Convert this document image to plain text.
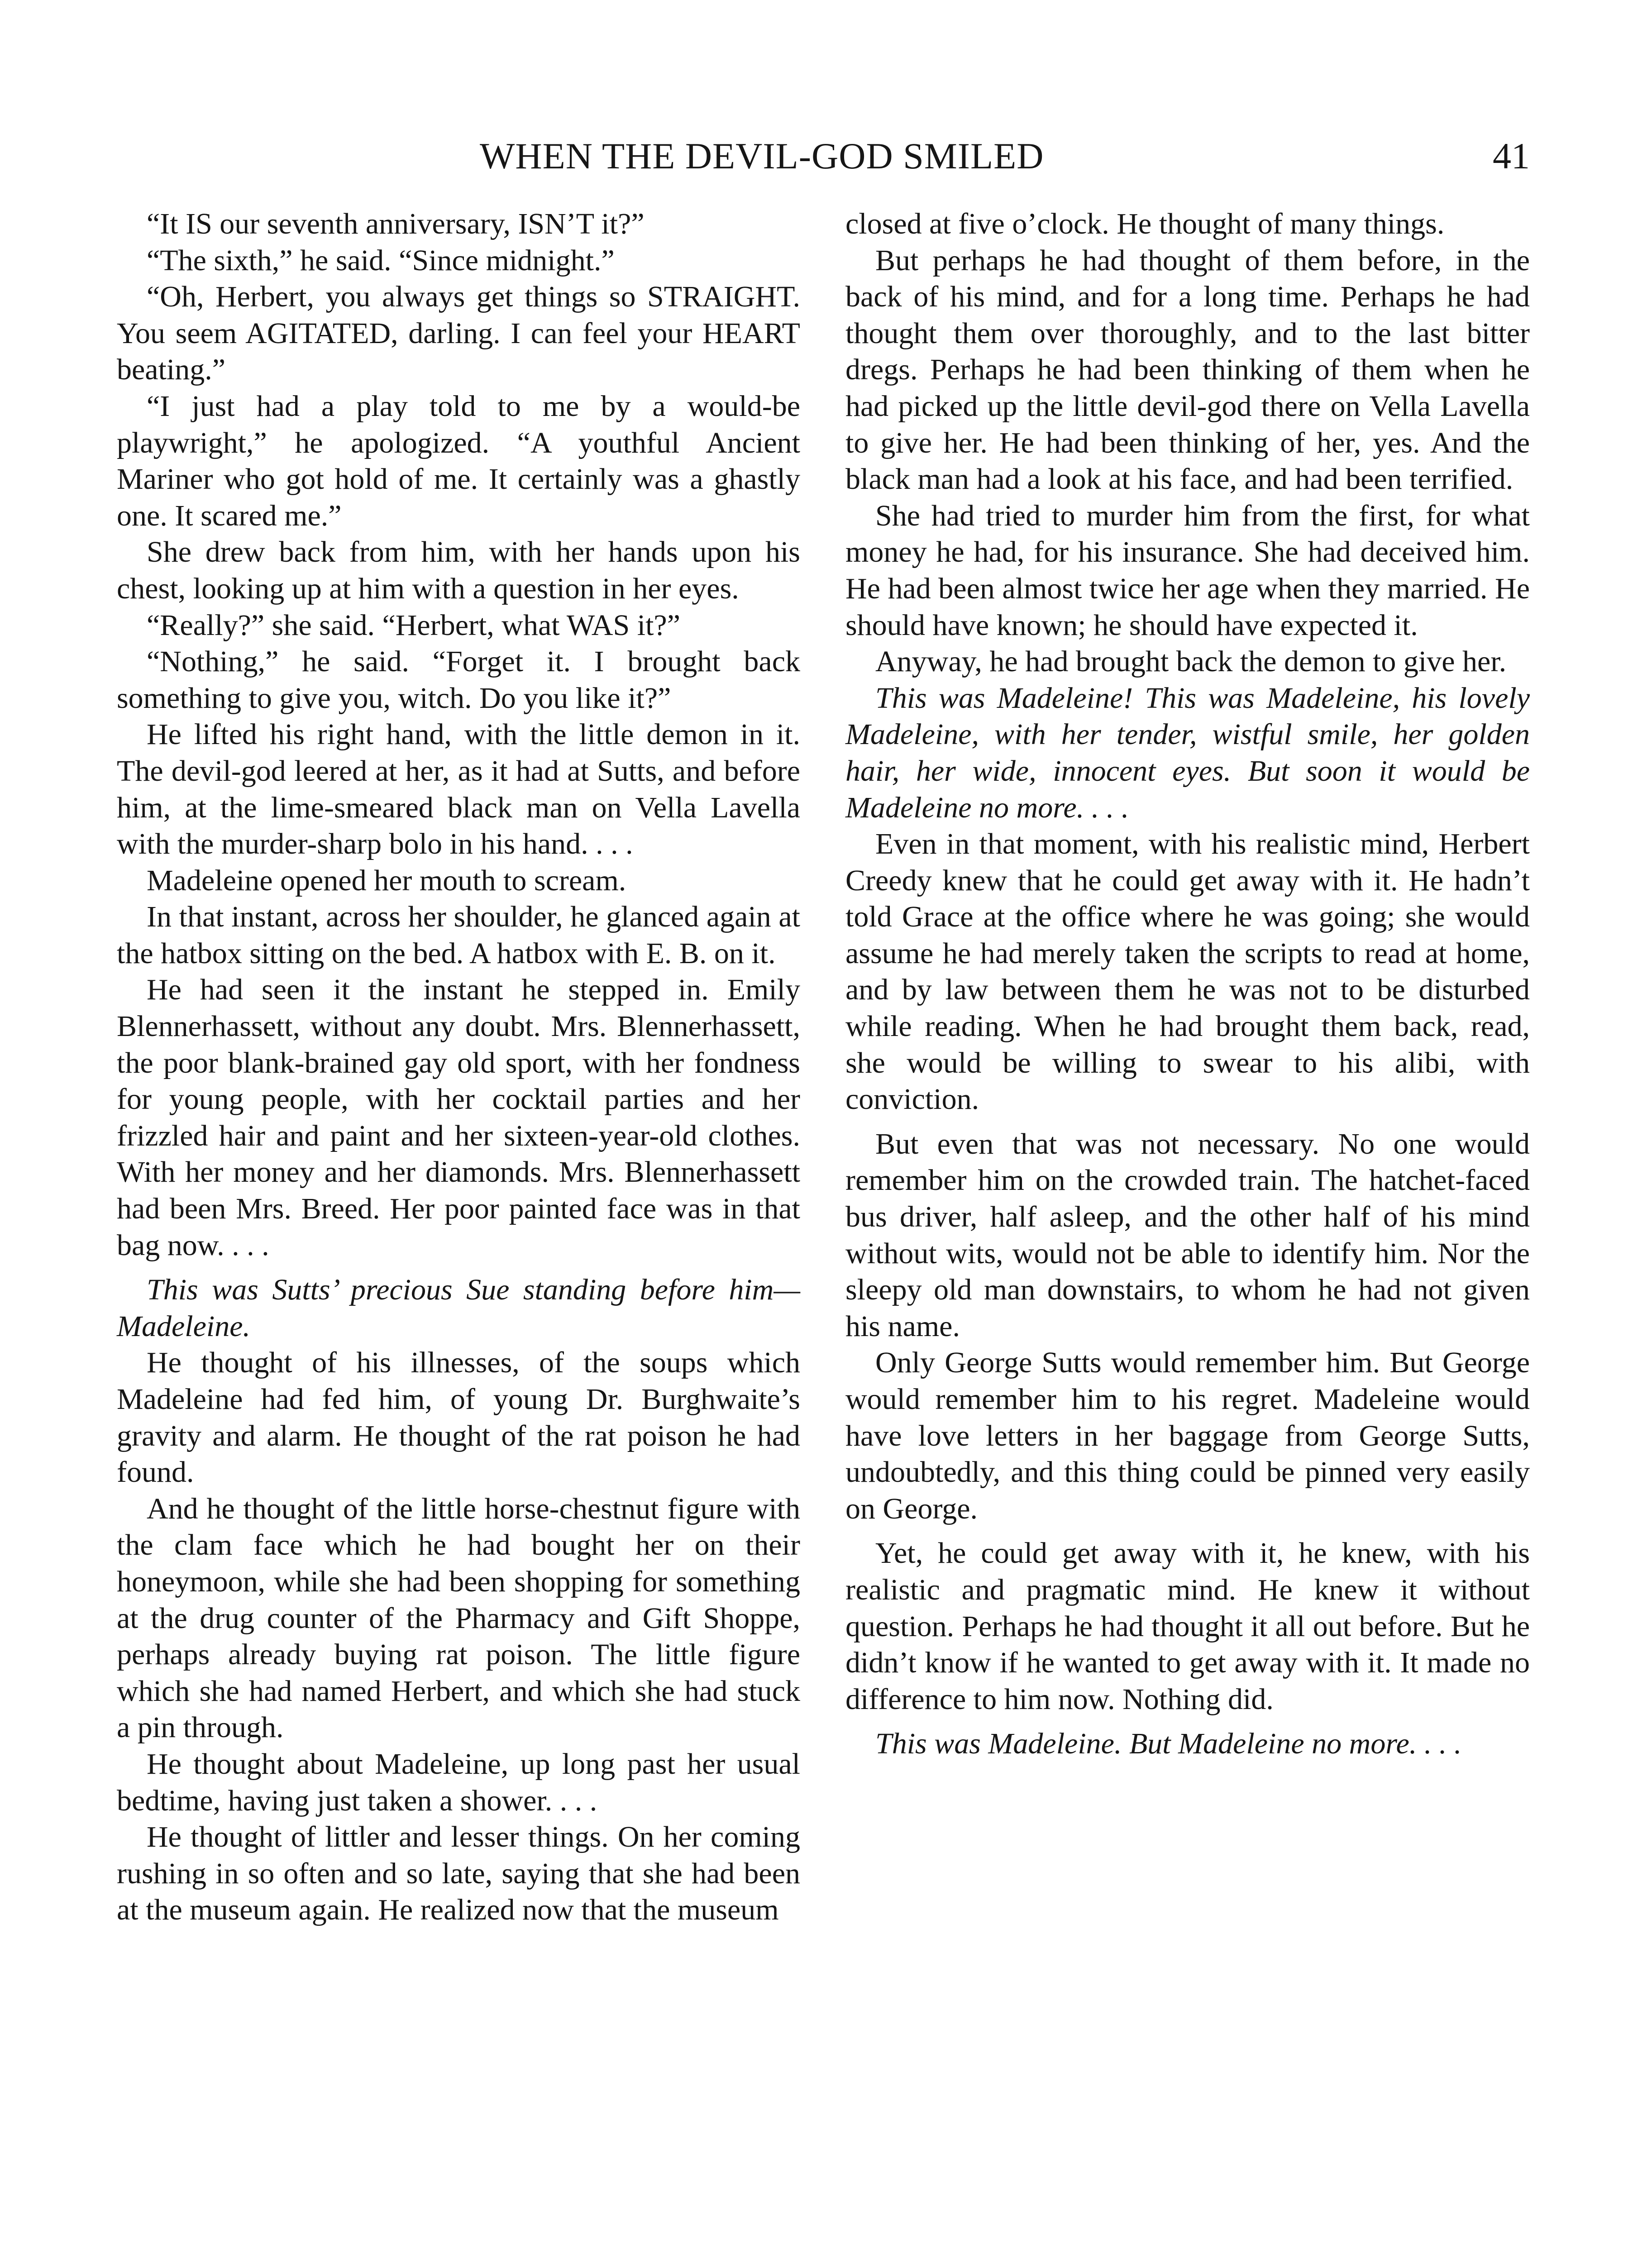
WHEN THE DEVIL-GOD SMILED	41

“It IS our seventh anniversary, ISN’T it?”

“The sixth,” he said. “Since midnight.”

“Oh, Herbert, you always get things so STRAIGHT. You seem AGITATED, darling. I can feel your HEART beating.”

“I just had a play told to me by a would-be playwright,” he apologized. “A youthful Ancient Mariner who got hold of me. It certainly was a ghastly one. It scared me.”

She drew back from him, with her hands upon his chest, looking up at him with a question in her eyes.

“Really?” she said. “Herbert, what WAS it?”

“Nothing,” he said. “Forget it. I brought back something to give you, witch. Do you like it?”

He lifted his right hand, with the little demon in it. The devil-god leered at her, as it had at Sutts, and before him, at the lime-smeared black man on Vella Lavella with the murder-sharp bolo in his hand. . . .

Madeleine opened her mouth to scream.

In that instant, across her shoulder, he glanced again at the hatbox sitting on the bed. A hatbox with E. B. on it.

He had seen it the instant he stepped in. Emily Blennerhassett, without any doubt. Mrs. Blennerhassett, the poor blank-brained gay old sport, with her fondness for young people, with her cocktail parties and her frizzled hair and paint and her sixteen-year-old clothes. With her money and her diamonds. Mrs. Blennerhassett had been Mrs. Breed. Her poor painted face was in that bag now. . . .

This was Sutts’ precious Sue standing before him—Madeleine.

He thought of his illnesses, of the soups which Madeleine had fed him, of young Dr. Burghwaite’s gravity and alarm. He thought of the rat poison he had found.

And he thought of the little horse-chestnut figure with the clam face which he had bought her on their honeymoon, while she had been shopping for something at the drug counter of the Pharmacy and Gift Shoppe, perhaps already buying rat poison. The little figure which she had named Herbert, and which she had stuck a pin through.

He thought about Madeleine, up long past her usual bedtime, having just taken a shower. . . .

He thought of littler and lesser things. On her coming rushing in so often and so late, saying that she had been at the museum again. He realized now that the museum

closed at five o’clock. He thought of many things.

But perhaps he had thought of them before, in the back of his mind, and for a long time. Perhaps he had thought them over thoroughly, and to the last bitter dregs. Perhaps he had been thinking of them when he had picked up the little devil-god there on Vella Lavella to give her. He had been thinking of her, yes. And the black man had a look at his face, and had been terrified.

She had tried to murder him from the first, for what money he had, for his insurance. She had deceived him. He had been almost twice her age when they married. He should have known; he should have expected it.

Anyway, he had brought back the demon to give her.

This was Madeleine! This was Madeleine, his lovely Madeleine, with her tender, wistful smile, her golden hair, her wide, innocent eyes. But soon it would be Madeleine no more. . . .

Even in that moment, with his realistic mind, Herbert Creedy knew that he could get away with it. He hadn’t told Grace at the office where he was going; she would assume he had merely taken the scripts to read at home, and by law between them he was not to be disturbed while reading. When he had brought them back, read, she would be willing to swear to his alibi, with conviction.

But even that was not necessary. No one would remember him on the crowded train. The hatchet-faced bus driver, half asleep, and the other half of his mind without wits, would not be able to identify him. Nor the sleepy old man downstairs, to whom he had not given his name.

Only George Sutts would remember him. But George would remember him to his regret. Madeleine would have love letters in her baggage from George Sutts, undoubtedly, and this thing could be pinned very easily on George.

Yet, he could get away with it, he knew, with his realistic and pragmatic mind. He knew it without question. Perhaps he had thought it all out before. But he didn’t know if he wanted to get away with it. It made no difference to him now. Nothing did.

This was Madeleine. But Madeleine no more. . . .
